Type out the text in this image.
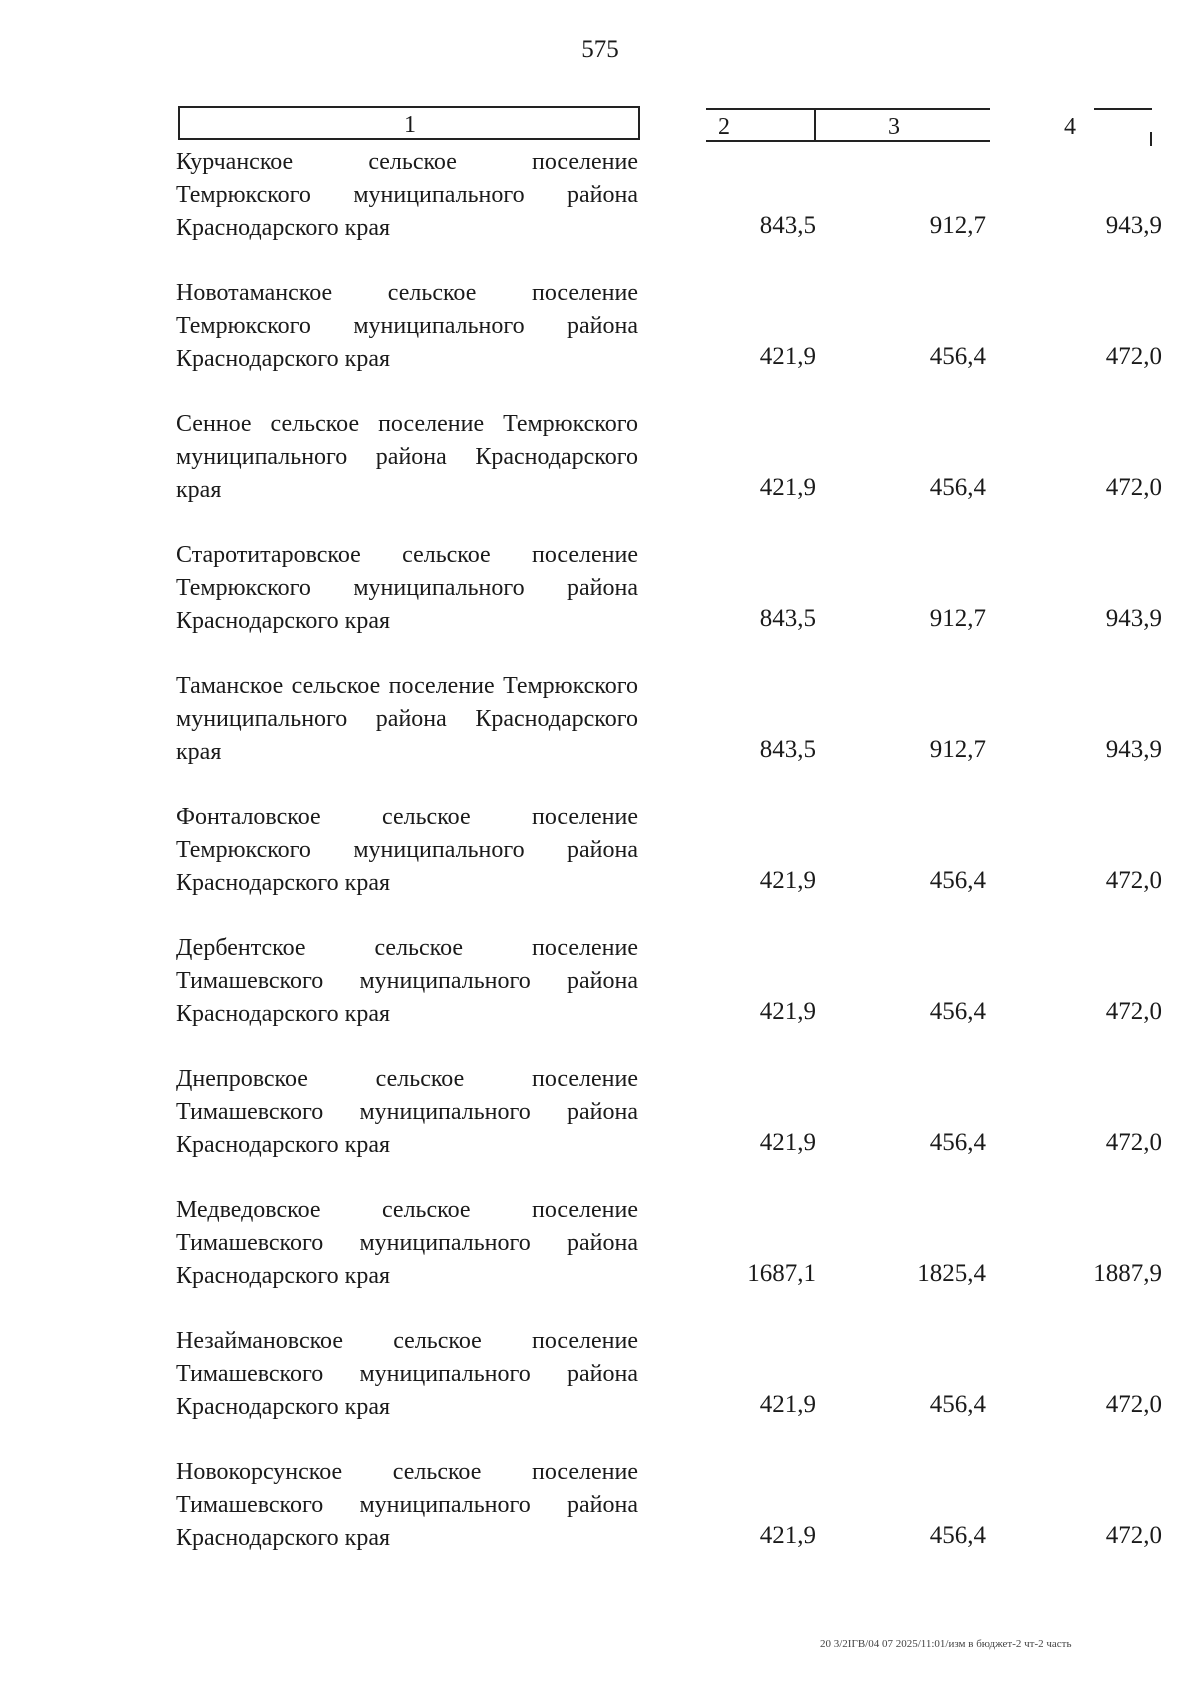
575
1	2	3	4
Курчанское сельское поселение Темрюкского муниципального района Краснодарского края	843,5	912,7	943,9
Новотаманское сельское поселение Темрюкского муниципального района Краснодарского края	421,9	456,4	472,0
Сенное сельское поселение Темрюкского муниципального района Краснодарского края	421,9	456,4	472,0
Старотитаровское сельское поселение Темрюкского муниципального района Краснодарского края	843,5	912,7	943,9
Таманское сельское поселение Темрюкского муниципального района Краснодарского края	843,5	912,7	943,9
Фонталовское сельское поселение Темрюкского муниципального района Краснодарского края	421,9	456,4	472,0
Дербентское сельское поселение Тимашевского муниципального района Краснодарского края	421,9	456,4	472,0
Днепровское сельское поселение Тимашевского муниципального района Краснодарского края	421,9	456,4	472,0
Медведовское сельское поселение Тимашевского муниципального района Краснодарского края	1687,1	1825,4	1887,9
Незаймановское сельское поселение Тимашевского муниципального района Краснодарского края	421,9	456,4	472,0
Новокорсунское сельское поселение Тимашевского муниципального района Краснодарского края	421,9	456,4	472,0
20 3/2IГВ/04 07 2025/11:01/изм в бюджет-2 чт-2 часть
